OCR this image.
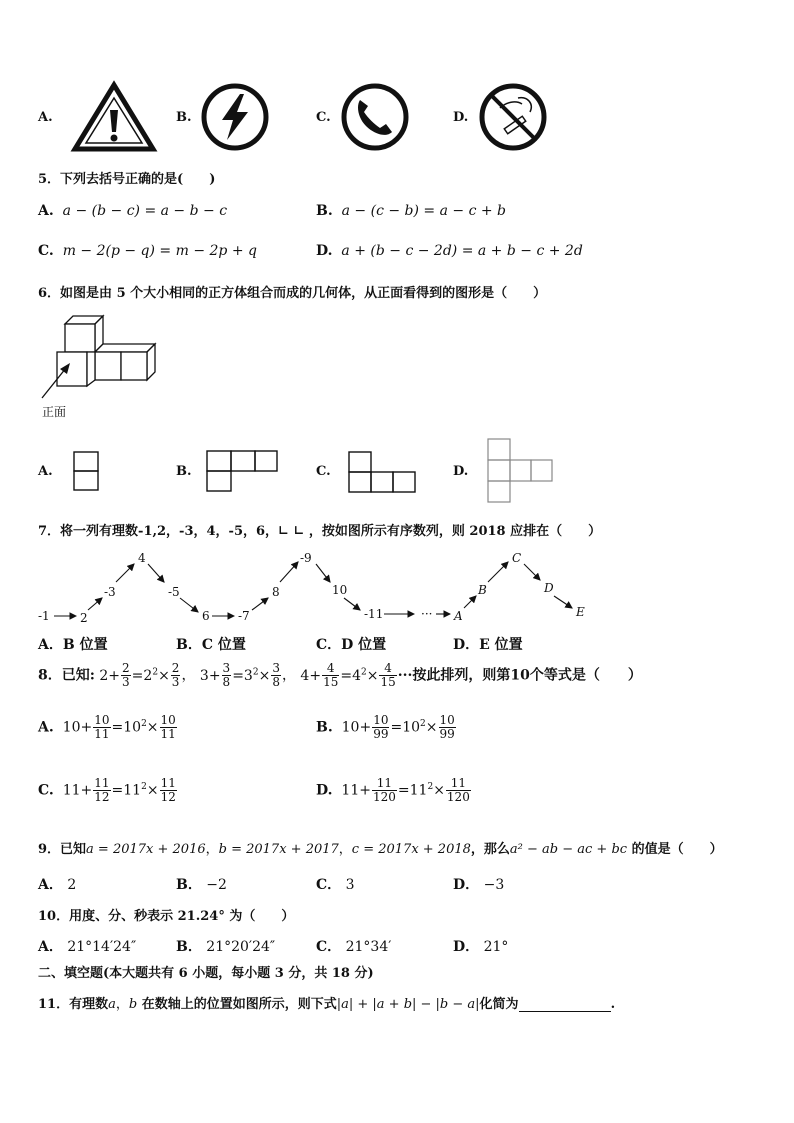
A.	B.	C.	D.
5．下列去括号正确的是(　　)
A. a − (b − c) = a − b − c	B. a − (c − b) = a − c + b
C. m − 2(p − q) = m − 2p + q	D. a + (b − c − 2d) = a + b − c + 2d
6．如图是由 5 个大小相同的正方体组合而成的几何体，从正面看得到的图形是（　　）
正面
A.	B.	C.	D.
7．将一列有理数-1,2，-3，4，-5，6，∟ ∟ ，按如图所示有序数列，则 2018 应排在（　　）
-1	2
-3
4
-5
6 -7
8
-9
10
-11	··· A
B
C
D
E
A．B 位置	B．C 位置	C．D 位置	D．E 位置
8．已知: $2+ \frac{2}{3} =2^2\times \frac{2}{3}$ ， $3+ \frac{3}{8} =3^2\times \frac{3}{8}$ ， $4+ \frac{4}{15} =4^2\times \frac{4}{15}$ ···按此排列，则第10个等式是（　　）
A. $10+ \frac{10}{11} =10^2\times \frac{10}{11}$	B. $10+ \frac{10}{99} =10^2\times \frac{10}{99}$
C. $11+ \frac{11}{12} =11^2\times \frac{11}{12}$	D. $11+ \frac{11}{120} =11^2\times \frac{11}{120}$
9．已知a = 2017x + 2016，b = 2017x + 2017，c = 2017x + 2018，那么a² − ab − ac + bc 的值是（　　）
A． 2	B． −2	C． 3	D． −3
10．用度、分、秒表示 21.24° 为（　　）
A． 21°14′24″	B． 21°20′24″	C． 21°34′	D． 21°
二、填空题(本大题共有 6 小题，每小题 3 分，共 18 分)
11．有理数a，b 在数轴上的位置如图所示，则下式|a| + |a + b| − |b − a|化简为	.
